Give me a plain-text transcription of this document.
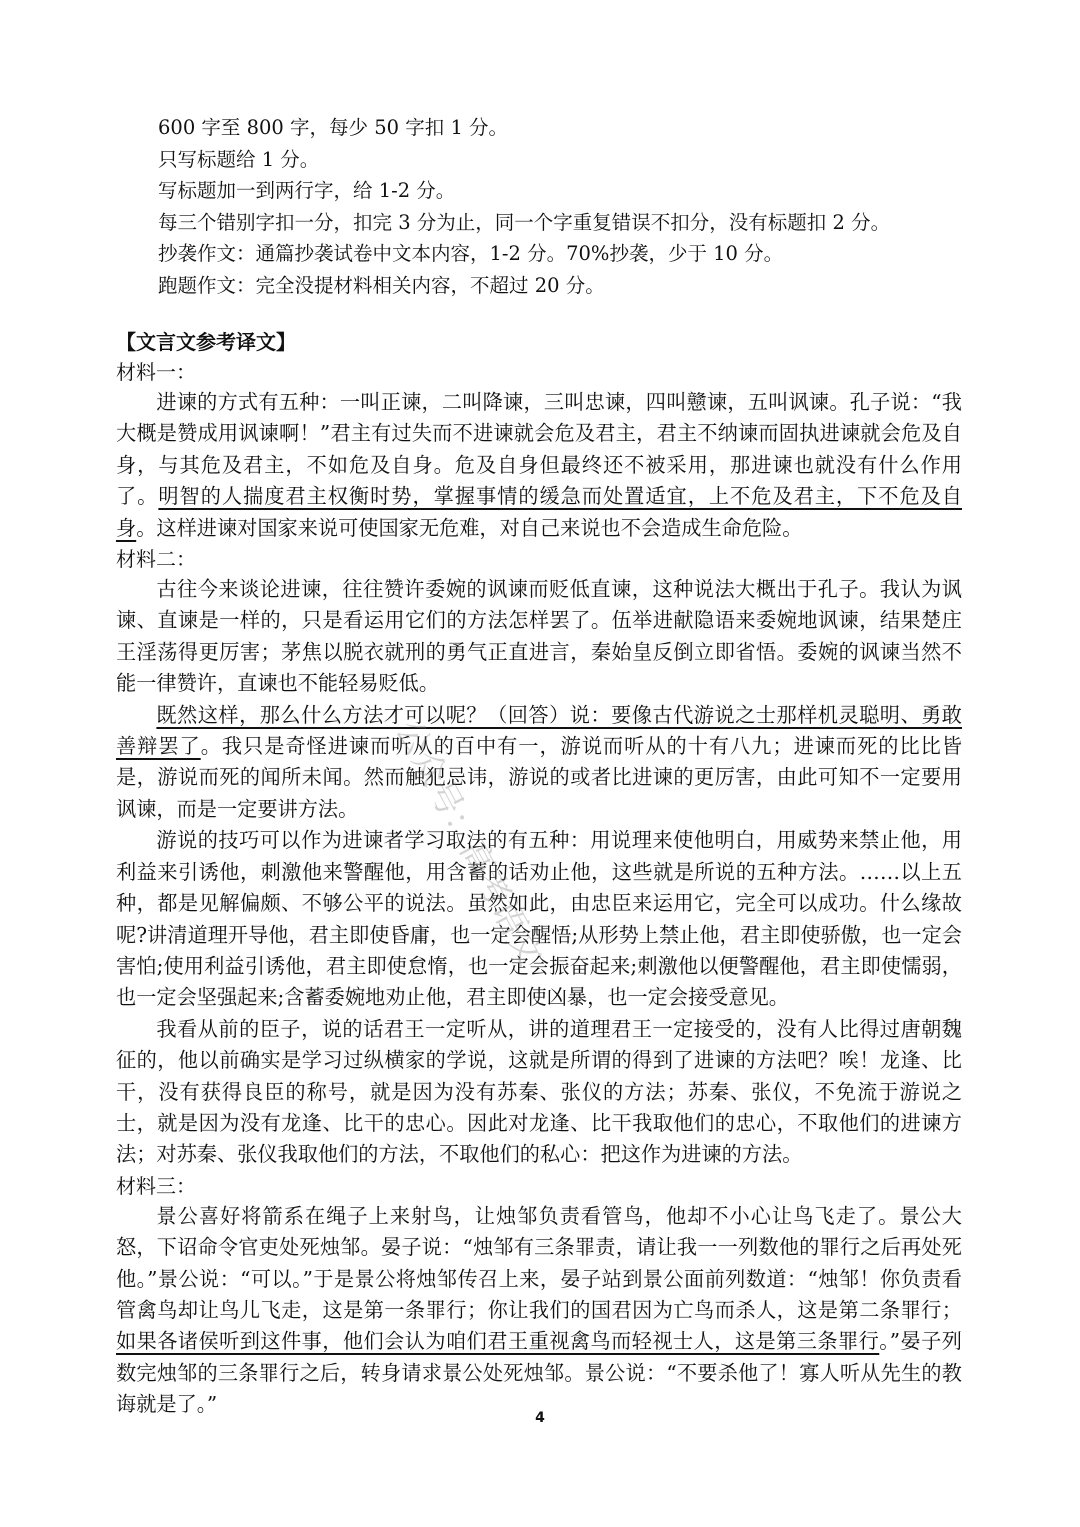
600 字至 800 字，每少 50 字扣 1 分。
只写标题给 1 分。
写标题加一到两行字，给 1-2 分。
每三个错别字扣一分，扣完 3 分为止，同一个字重复错误不扣分，没有标题扣 2 分。
抄袭作文：通篇抄袭试卷中文本内容，1-2 分。70%抄袭，少于 10 分。
跑题作文：完全没提材料相关内容，不超过 20 分。
【文言文参考译文】
材料一：

进谏的方式有五种：一叫正谏，二叫降谏，三叫忠谏，四叫戆谏，五叫讽谏。孔子说：“我大概是赞成用讽谏啊！”君主有过失而不进谏就会危及君主，君主不纳谏而固执进谏就会危及自身，与其危及君主，不如危及自身。危及自身但最终还不被采用，那进谏也就没有什么作用了。明智的人揣度君主权衡时势，掌握事情的缓急而处置适宜，上不危及君主，下不危及自身。这样进谏对国家来说可使国家无危难，对自己来说也不会造成生命危险。

材料二：

古往今来谈论进谏，往往赞许委婉的讽谏而贬低直谏，这种说法大概出于孔子。我认为讽谏、直谏是一样的，只是看运用它们的方法怎样罢了。伍举进献隐语来委婉地讽谏，结果楚庄王淫荡得更厉害；茅焦以脱衣就刑的勇气正直进言，秦始皇反倒立即省悟。委婉的讽谏当然不能一律赞许，直谏也不能轻易贬低。

既然这样，那么什么方法才可以呢？（回答）说：要像古代游说之士那样机灵聪明、勇敢善辩罢了。我只是奇怪进谏而听从的百中有一，游说而听从的十有八九；进谏而死的比比皆是，游说而死的闻所未闻。然而触犯忌讳，游说的或者比进谏的更厉害，由此可知不一定要用讽谏，而是一定要讲方法。

游说的技巧可以作为进谏者学习取法的有五种：用说理来使他明白，用威势来禁止他，用利益来引诱他，刺激他来警醒他，用含蓄的话劝止他，这些就是所说的五种方法。……以上五种，都是见解偏颇、不够公平的说法。虽然如此，由忠臣来运用它，完全可以成功。什么缘故呢?讲清道理开导他，君主即使昏庸，也一定会醒悟;从形势上禁止他，君主即使骄傲，也一定会害怕;使用利益引诱他，君主即使怠惰，也一定会振奋起来;刺激他以便警醒他，君主即使懦弱，也一定会坚强起来;含蓄委婉地劝止他，君主即使凶暴，也一定会接受意见。

我看从前的臣子，说的话君王一定听从，讲的道理君王一定接受的，没有人比得过唐朝魏征的，他以前确实是学习过纵横家的学说，这就是所谓的得到了进谏的方法吧？唉！龙逢、比干，没有获得良臣的称号，就是因为没有苏秦、张仪的方法；苏秦、张仪，不免流于游说之士，就是因为没有龙逢、比干的忠心。因此对龙逢、比干我取他们的忠心，不取他们的进谏方法；对苏秦、张仪我取他们的方法，不取他们的私心：把这作为进谏的方法。

材料三：

景公喜好将箭系在绳子上来射鸟，让烛邹负责看管鸟，他却不小心让鸟飞走了。景公大怒，下诏命令官吏处死烛邹。晏子说：“烛邹有三条罪责，请让我一一列数他的罪行之后再处死他。”景公说：“可以。”于是景公将烛邹传召上来，晏子站到景公面前列数道：“烛邹！你负责看管禽鸟却让鸟儿飞走，这是第一条罪行；你让我们的国君因为亡鸟而杀人，这是第二条罪行；如果各诸侯听到这件事，他们会认为咱们君王重视禽鸟而轻视士人，这是第三条罪行。”晏子列数完烛邹的三条罪行之后，转身请求景公处死烛邹。景公说：“不要杀他了！寡人听从先生的教诲就是了。”

公众号：高考语文
4
